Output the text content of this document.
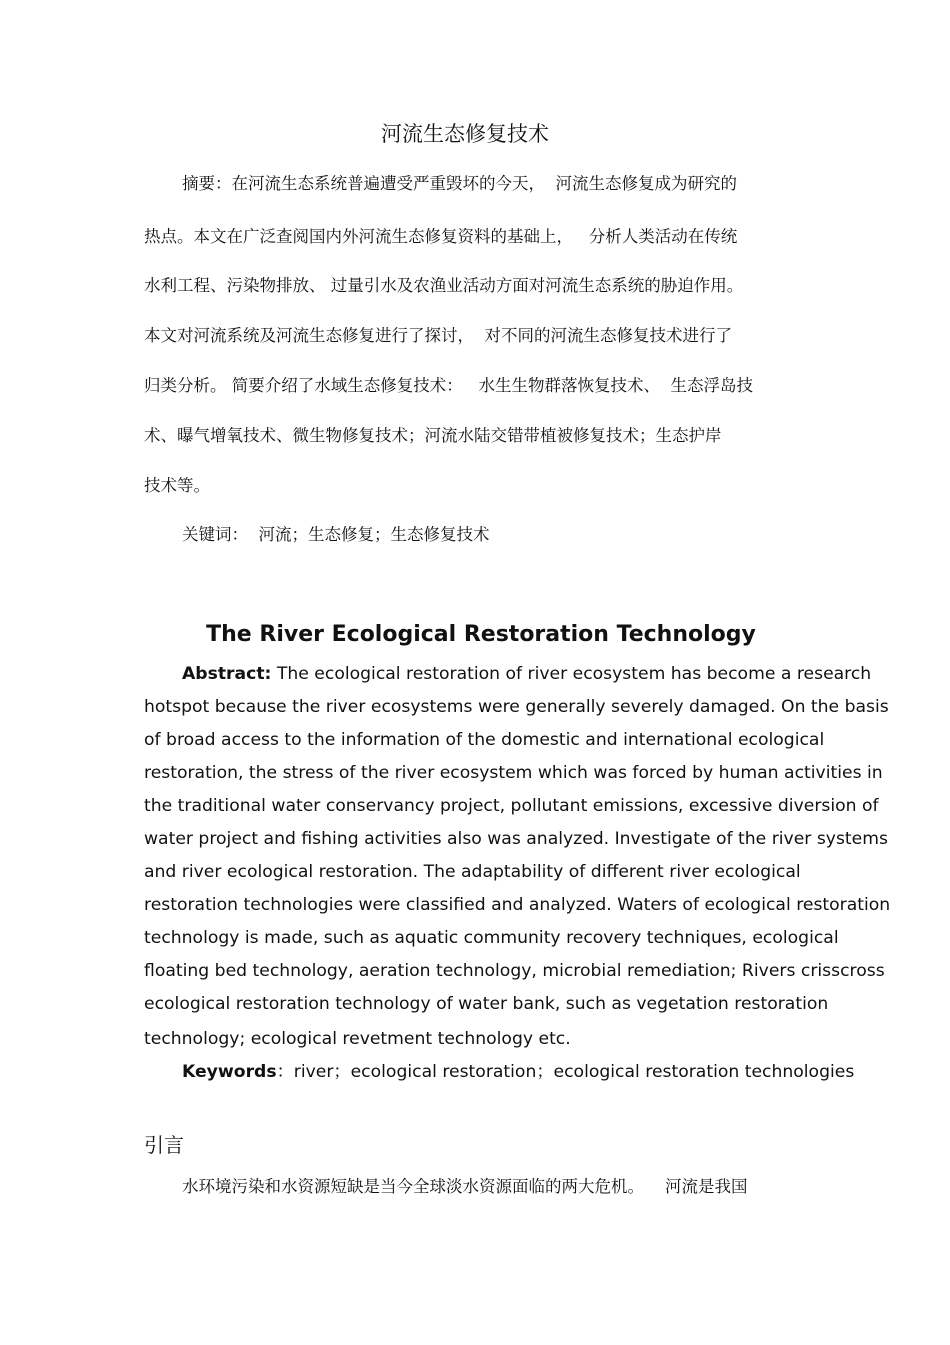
河流生态修复技术
摘要：在河流生态系统普遍遭受严重毁坏的今天，  河流生态修复成为研究的
热点。本文在广泛查阅国内外河流生态修复资料的基础上，   分析人类活动在传统
水利工程、污染物排放、 过量引水及农渔业活动方面对河流生态系统的胁迫作用。
本文对河流系统及河流生态修复进行了探讨，  对不同的河流生态修复技术进行了
归类分析。 简要介绍了水域生态修复技术：   水生生物群落恢复技术、  生态浮岛技
术、曝气增氧技术、微生物修复技术；河流水陆交错带植被修复技术；生态护岸
技术等。
关键词：  河流；生态修复；生态修复技术
The River Ecological Restoration Technology
Abstract: The ecological restoration of river ecosystem has become a research
hotspot because the river ecosystems were generally severely damaged. On the basis
of broad access to the information of the domestic and international ecological
restoration, the stress of the river ecosystem which was forced by human activities in
the traditional water conservancy project, pollutant emissions, excessive diversion of
water project and fishing activities also was analyzed. Investigate of the river systems
and river ecological restoration. The adaptability of different river ecological
restoration technologies were classified and analyzed. Waters of ecological restoration
technology is made, such as aquatic community recovery techniques, ecological
floating bed technology, aeration technology, microbial remediation; Rivers crisscross
ecological restoration technology of water bank, such as vegetation restoration
technology; ecological revetment technology etc.
Keywords：river；ecological restoration；ecological restoration technologies
引言
水环境污染和水资源短缺是当今全球淡水资源面临的两大危机。    河流是我国
